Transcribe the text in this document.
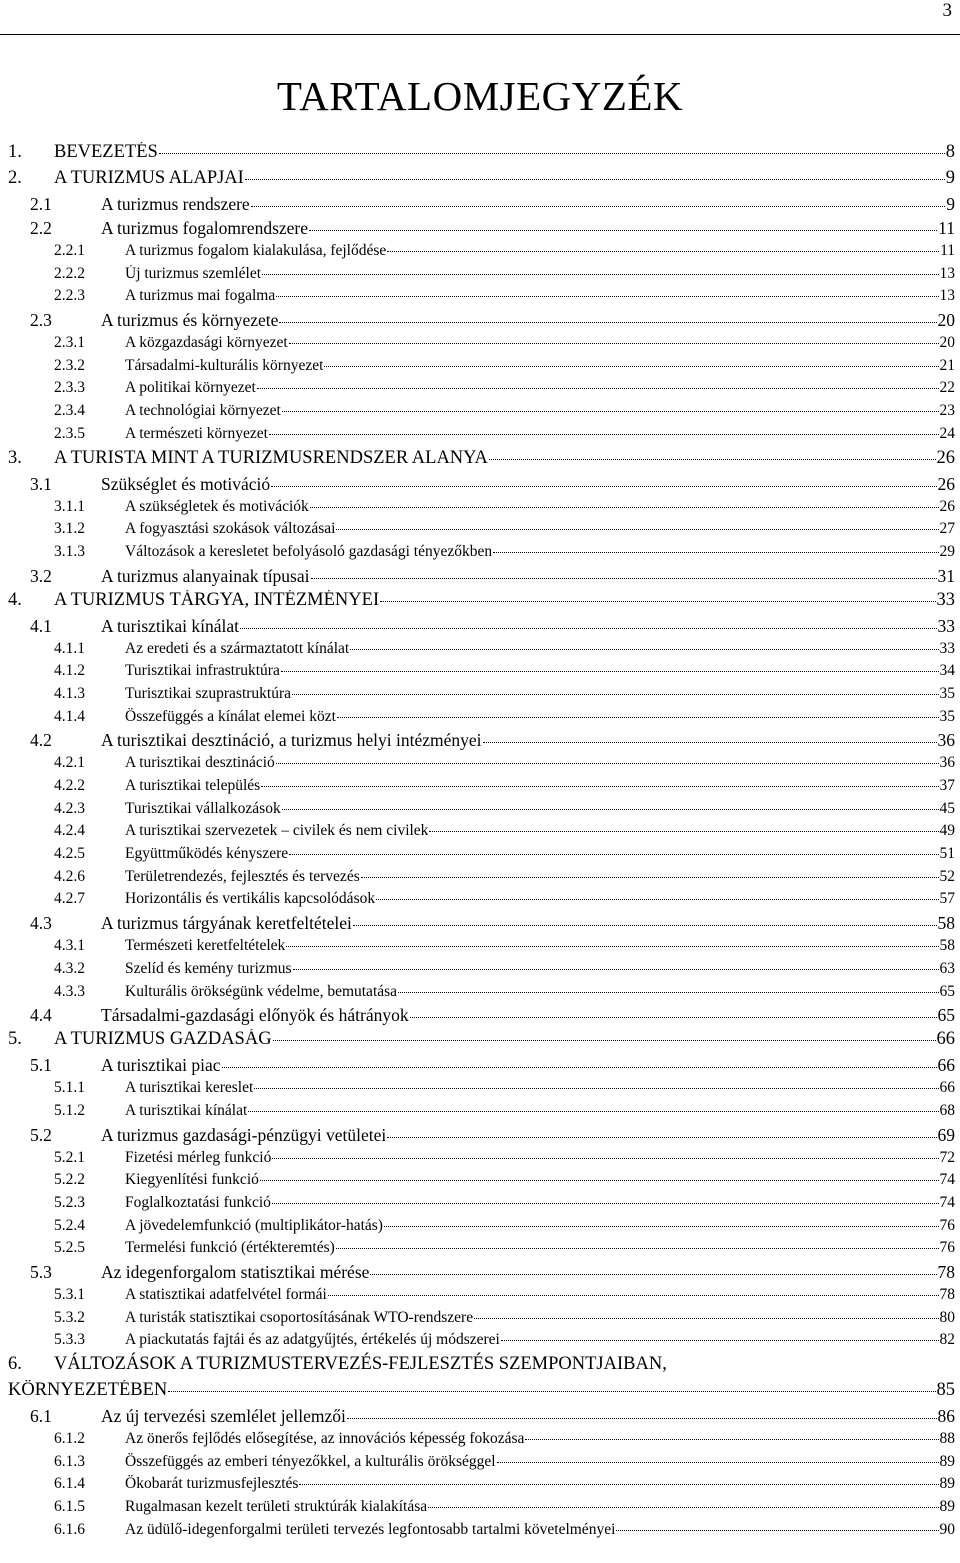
3
TARTALOMJEGYZÉK
1.	BEVEZETÉS	8
2.	A TURIZMUS ALAPJAI	9
2.1	A turizmus rendszere	9
2.2	A turizmus fogalomrendszere	11
2.2.1	A turizmus fogalom kialakulása, fejlődése	11
2.2.2	Új turizmus szemlélet	13
2.2.3	A turizmus mai fogalma	13
2.3	A turizmus és környezete	20
2.3.1	A közgazdasági környezet	20
2.3.2	Társadalmi-kulturális környezet	21
2.3.3	A politikai környezet	22
2.3.4	A technológiai környezet	23
2.3.5	A természeti környezet	24
3.	A TURISTA MINT A TURIZMUSRENDSZER ALANYA	26
3.1	Szükséglet és motiváció	26
3.1.1	A szükségletek és motivációk	26
3.1.2	A fogyasztási szokások változásai	27
3.1.3	Változások a keresletet befolyásoló gazdasági tényezőkben	29
3.2	A turizmus alanyainak típusai	31
4.	A TURIZMUS TÁRGYA, INTÉZMÉNYEI	33
4.1	A turisztikai kínálat	33
4.1.1	Az eredeti és a származtatott kínálat	33
4.1.2	Turisztikai infrastruktúra	34
4.1.3	Turisztikai szuprastruktúra	35
4.1.4	Összefüggés a kínálat elemei közt	35
4.2	A turisztikai desztináció, a turizmus helyi intézményei	36
4.2.1	A turisztikai desztináció	36
4.2.2	A turisztikai település	37
4.2.3	Turisztikai vállalkozások	45
4.2.4	A turisztikai szervezetek – civilek és nem civilek	49
4.2.5	Együttműködés kényszere	51
4.2.6	Területrendezés, fejlesztés és tervezés	52
4.2.7	Horizontális és vertikális kapcsolódások	57
4.3	A turizmus tárgyának keretfeltételei	58
4.3.1	Természeti keretfeltételek	58
4.3.2	Szelíd és kemény turizmus	63
4.3.3	Kulturális örökségünk védelme, bemutatása	65
4.4	Társadalmi-gazdasági előnyök és hátrányok	65
5.	A TURIZMUS GAZDASÁG	66
5.1	A turisztikai piac	66
5.1.1	A turisztikai kereslet	66
5.1.2	A turisztikai kínálat	68
5.2	A turizmus gazdasági-pénzügyi vetületei	69
5.2.1	Fizetési mérleg funkció	72
5.2.2	Kiegyenlítési funkció	74
5.2.3	Foglalkoztatási funkció	74
5.2.4	A jövedelemfunkció (multiplikátor-hatás)	76
5.2.5	Termelési funkció (értékteremtés)	76
5.3	Az idegenforgalom statisztikai mérése	78
5.3.1	A statisztikai adatfelvétel formái	78
5.3.2	A turisták statisztikai csoportosításának WTO-rendszere	80
5.3.3	A piackutatás fajtái és az adatgyűjtés, értékelés új módszerei	82
6.	VÁLTOZÁSOK A TURIZMUSTERVEZÉS-FEJLESZTÉS SZEMPONTJAIBAN,
KÖRNYEZETÉBEN	85
6.1	Az új tervezési szemlélet jellemzői	86
6.1.2	Az önerős fejlődés elősegítése, az innovációs képesség fokozása	88
6.1.3	Összefüggés az emberi tényezőkkel, a kulturális örökséggel	89
6.1.4	Ökobarát turizmusfejlesztés	89
6.1.5	Rugalmasan kezelt területi struktúrák kialakítása	89
6.1.6	Az üdülő-idegenforgalmi területi tervezés legfontosabb tartalmi követelményei	90
